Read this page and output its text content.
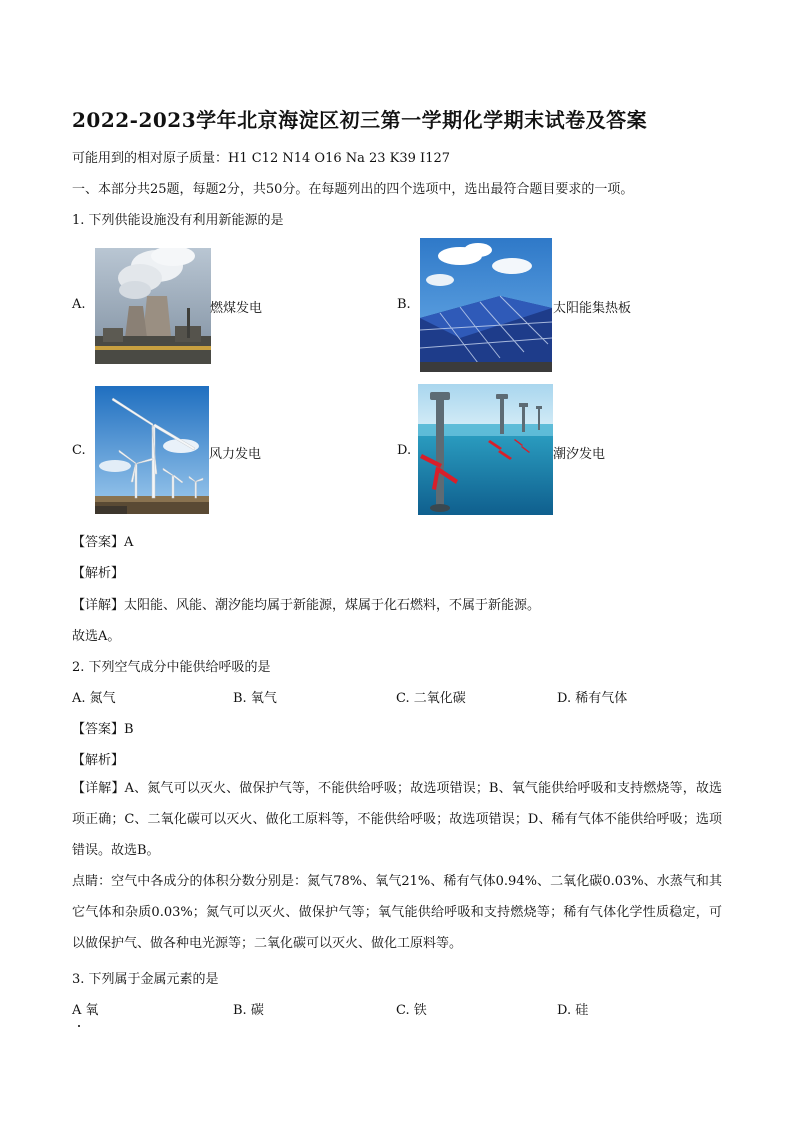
2022-2023学年北京海淀区初三第一学期化学期末试卷及答案
可能用到的相对原子质量：H1 C12 N14 O16 Na 23 K39 I127
一、本部分共25题，每题2分，共50分。在每题列出的四个选项中，选出最符合题目要求的一项。
1. 下列供能设施没有利用新能源的是
A.	燃煤发电	B.	太阳能集热板
C.	风力发电	D.	潮汐发电
【答案】A
【解析】
【详解】太阳能、风能、潮汐能均属于新能源，煤属于化石燃料，不属于新能源。
故选A。
2. 下列空气成分中能供给呼吸的是
A. 氮气	B. 氧气	C. 二氧化碳	D. 稀有气体
【答案】B
【解析】
【详解】A、氮气可以灭火、做保护气等，不能供给呼吸；故选项错误；B、氧气能供给呼吸和支持燃烧等，故选项正确；C、二氧化碳可以灭火、做化工原料等，不能供给呼吸；故选项错误；D、稀有气体不能供给呼吸；选项错误。故选B。
点睛：空气中各成分的体积分数分别是：氮气78%、氧气21%、稀有气体0.94%、二氧化碳0.03%、水蒸气和其它气体和杂质0.03%；氮气可以灭火、做保护气等；氧气能供给呼吸和支持燃烧等；稀有气体化学性质稳定，可以做保护气、做各种电光源等；二氧化碳可以灭火、做化工原料等。
3. 下列属于金属元素的是
A 氧	B. 碳	C. 铁	D. 硅
